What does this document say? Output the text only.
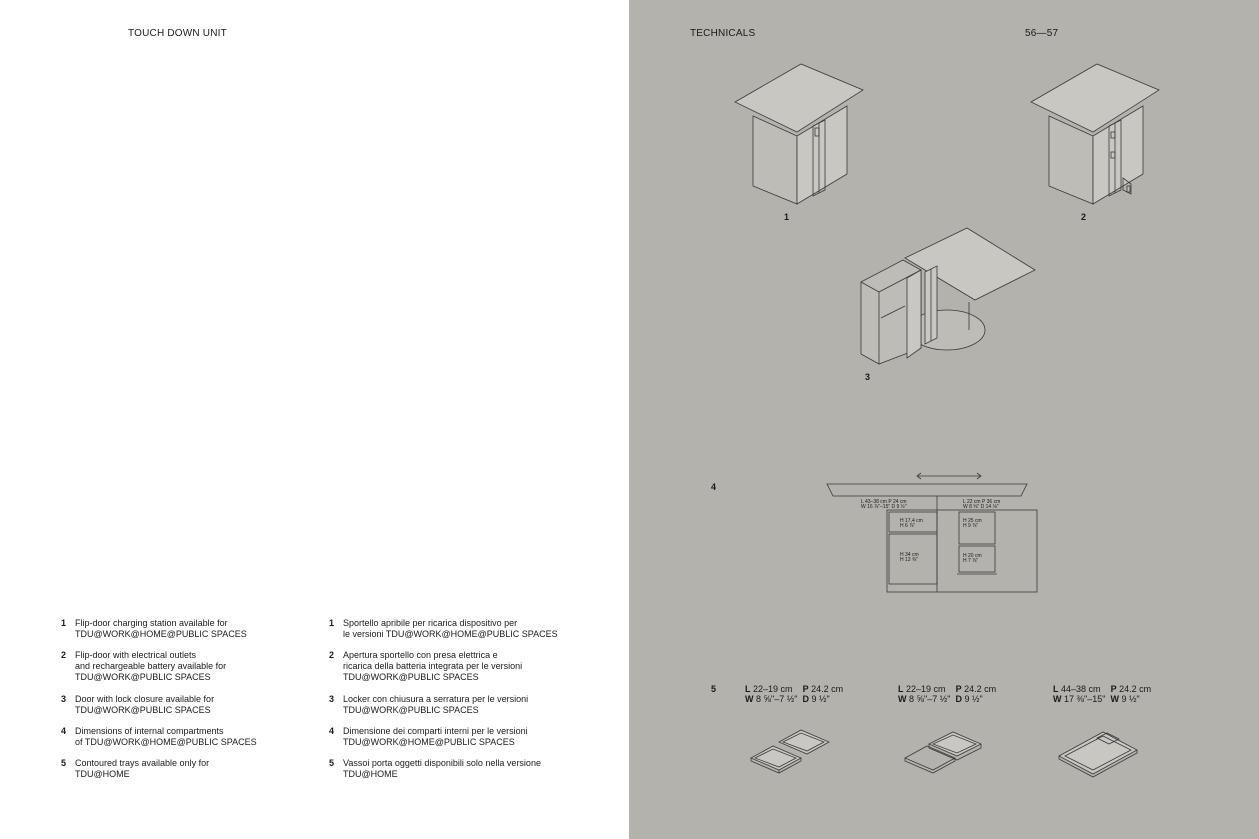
TOUCH DOWN UNIT
1 Flip-door charging station available for
TDU@WORK@HOME@PUBLIC SPACES
2 Flip-door with electrical outlets
and rechargeable battery available for
TDU@WORK@PUBLIC SPACES
3 Door with lock closure available for
TDU@WORK@PUBLIC SPACES
4 Dimensions of internal compartments
of TDU@WORK@HOME@PUBLIC SPACES
5 Contoured trays available only for
TDU@HOME
1 Sportello apribile per ricarica dispositivo per
le versioni TDU@WORK@HOME@PUBLIC SPACES
2 Apertura sportello con presa elettrica e
ricarica della batteria integrata per le versioni
TDU@WORK@PUBLIC SPACES
3 Locker con chiusura a serratura per le versioni
TDU@WORK@PUBLIC SPACES
4 Dimensione dei comparti interni per le versioni
TDU@WORK@HOME@PUBLIC SPACES
5 Vassoi porta oggetti disponibili solo nella versione
TDU@HOME
TECHNICALS	56—57
1	2
3
4
L 43–38 cm P 24 cm
W 16 ⅞"–15" D 9 ½"
L 22 cm P 36 cm
W 8 ⅝" D 14 ⅛"
H 17,4 cm
H 6 ⅞"
H 25 cm
H 9 ⅞"
H 34 cm
H 13 ⅜"
H 20 cm
H 7 ⅞"
5	L 22–19 cm P 24.2 cm
W 8 ⅝"–7 ½" D 9 ½"
L 22–19 cm P 24.2 cm
W 8 ⅝"–7 ½" D 9 ½"
L 44–38 cm P 24.2 cm
W 17 ⅜"–15" W 9 ½"
